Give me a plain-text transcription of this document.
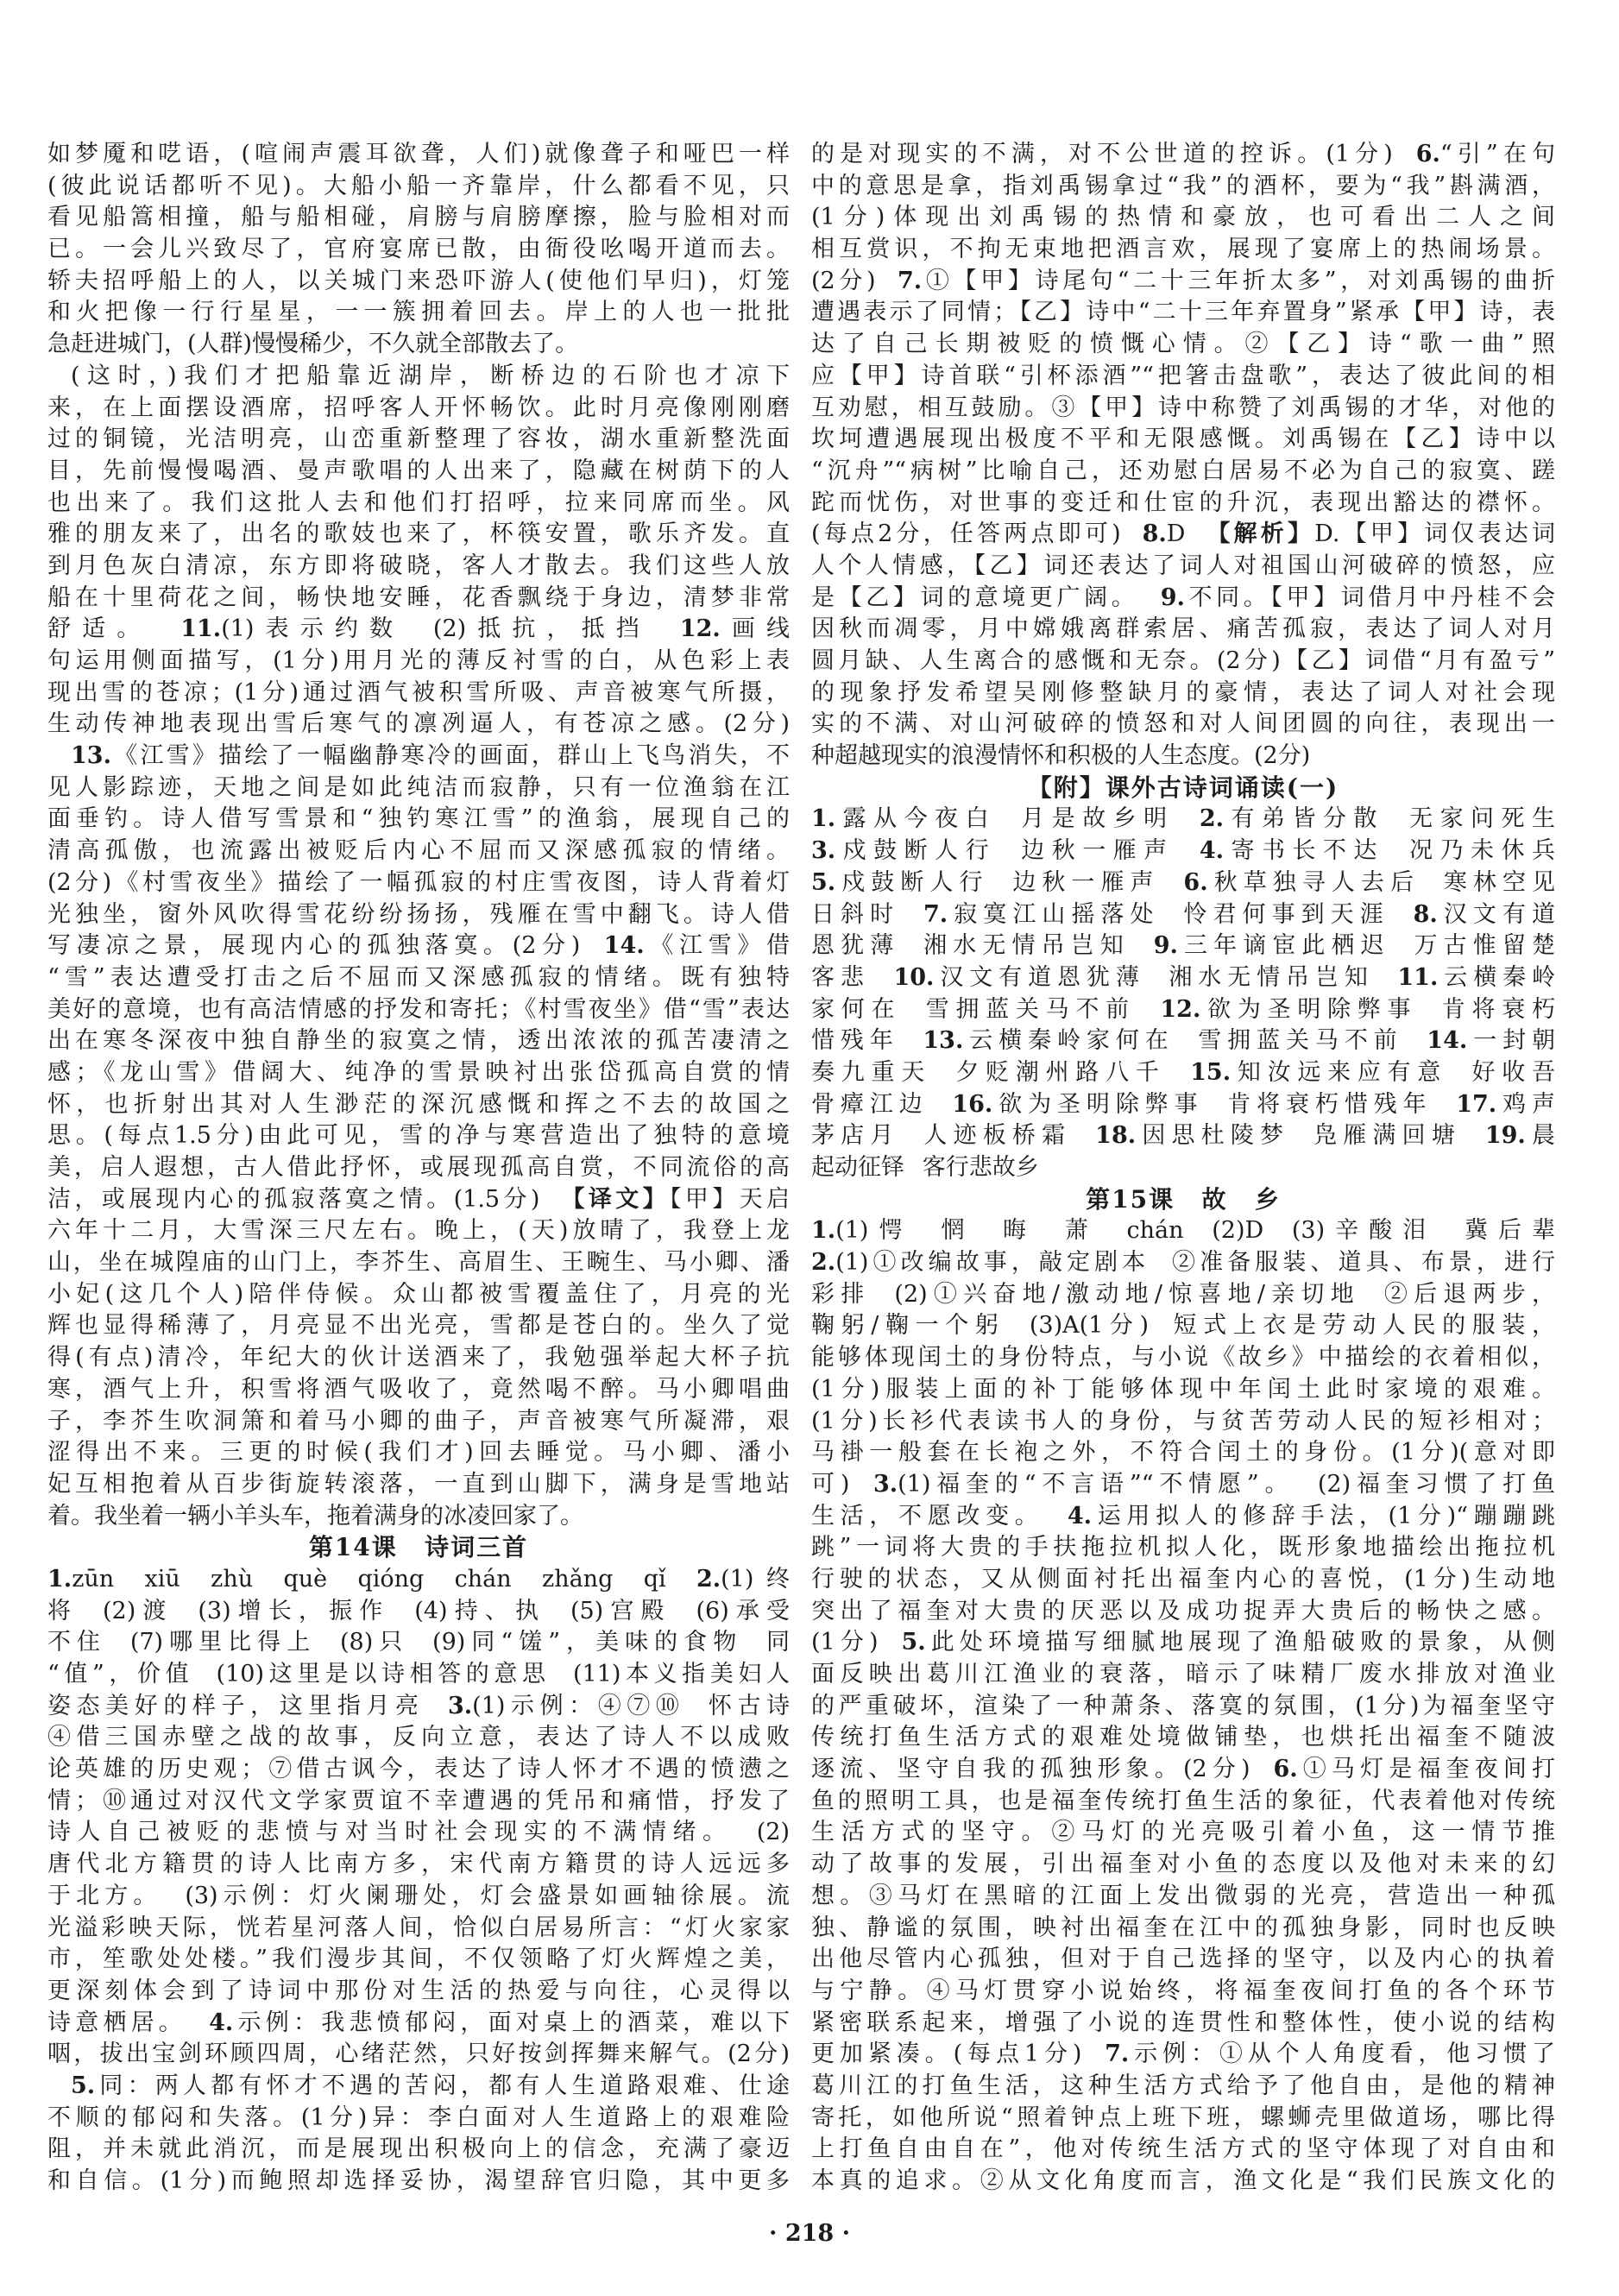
如梦魇和呓语，(喧闹声震耳欲聋，人们)就像聋子和哑巴一样
(彼此说话都听不见)。大船小船一齐靠岸，什么都看不见，只
看见船篙相撞，船与船相碰，肩膀与肩膀摩擦，脸与脸相对而
已。一会儿兴致尽了，官府宴席已散，由衙役吆喝开道而去。
轿夫招呼船上的人，以关城门来恐吓游人(使他们早归)，灯笼
和火把像一行行星星，一一簇拥着回去。岸上的人也一批批
急赶进城门，(人群)慢慢稀少，不久就全部散去了。
(这时，)我们才把船靠近湖岸，断桥边的石阶也才凉下
来，在上面摆设酒席，招呼客人开怀畅饮。此时月亮像刚刚磨
过的铜镜，光洁明亮，山峦重新整理了容妆，湖水重新整洗面
目，先前慢慢喝酒、曼声歌唱的人出来了，隐藏在树荫下的人
也出来了。我们这批人去和他们打招呼，拉来同席而坐。风
雅的朋友来了，出名的歌妓也来了，杯筷安置，歌乐齐发。直
到月色灰白清凉，东方即将破晓，客人才散去。我们这些人放
船在十里荷花之间，畅快地安睡，花香飘绕于身边，清梦非常
舒适。 11.(1)表示约数 (2)抵抗，抵挡 12.画线
句运用侧面描写，(1分)用月光的薄反衬雪的白，从色彩上表
现出雪的苍凉；(1分)通过酒气被积雪所吸、声音被寒气所摄，
生动传神地表现出雪后寒气的凛冽逼人，有苍凉之感。(2分)
13.《江雪》描绘了一幅幽静寒冷的画面，群山上飞鸟消失，不
见人影踪迹，天地之间是如此纯洁而寂静，只有一位渔翁在江
面垂钓。诗人借写雪景和“独钓寒江雪”的渔翁，展现自己的
清高孤傲，也流露出被贬后内心不屈而又深感孤寂的情绪。
(2分)《村雪夜坐》描绘了一幅孤寂的村庄雪夜图，诗人背着灯
光独坐，窗外风吹得雪花纷纷扬扬，残雁在雪中翻飞。诗人借
写凄凉之景，展现内心的孤独落寞。(2分) 14.《江雪》借
“雪”表达遭受打击之后不屈而又深感孤寂的情绪。既有独特
美好的意境，也有高洁情感的抒发和寄托；《村雪夜坐》借“雪”表达
出在寒冬深夜中独自静坐的寂寞之情，透出浓浓的孤苦凄清之
感；《龙山雪》借阔大、纯净的雪景映衬出张岱孤高自赏的情
怀，也折射出其对人生渺茫的深沉感慨和挥之不去的故国之
思。(每点1.5分)由此可见，雪的净与寒营造出了独特的意境
美，启人遐想，古人借此抒怀，或展现孤高自赏，不同流俗的高
洁，或展现内心的孤寂落寞之情。(1.5分) 【译文】【甲】天启
六年十二月，大雪深三尺左右。晚上，(天)放晴了，我登上龙
山，坐在城隍庙的山门上，李芥生、高眉生、王畹生、马小卿、潘
小妃(这几个人)陪伴侍候。众山都被雪覆盖住了，月亮的光
辉也显得稀薄了，月亮显不出光亮，雪都是苍白的。坐久了觉
得(有点)清冷，年纪大的伙计送酒来了，我勉强举起大杯子抗
寒，酒气上升，积雪将酒气吸收了，竟然喝不醉。马小卿唱曲
子，李芥生吹洞箫和着马小卿的曲子，声音被寒气所凝滞，艰
涩得出不来。三更的时候(我们才)回去睡觉。马小卿、潘小
妃互相抱着从百步街旋转滚落，一直到山脚下，满身是雪地站
着。我坐着一辆小羊头车，拖着满身的冰凌回家了。
第14课 诗词三首
1.zūn xiū zhù què qióng chán zhǎng qǐ 2.(1)终
将 (2)渡 (3)增长，振作 (4)持、执 (5)宫殿 (6)承受
不住 (7)哪里比得上 (8)只 (9)同“馐”，美味的食物 同
“值”，价值 (10)这里是以诗相答的意思 (11)本义指美妇人
姿态美好的样子，这里指月亮 3.(1)示例：④⑦⑩ 怀古诗
④借三国赤壁之战的故事，反向立意，表达了诗人不以成败
论英雄的历史观；⑦借古讽今，表达了诗人怀才不遇的愤懑之
情；⑩通过对汉代文学家贾谊不幸遭遇的凭吊和痛惜，抒发了
诗人自己被贬的悲愤与对当时社会现实的不满情绪。 (2)
唐代北方籍贯的诗人比南方多，宋代南方籍贯的诗人远远多
于北方。 (3)示例：灯火阑珊处，灯会盛景如画轴徐展。流
光溢彩映天际，恍若星河落人间，恰似白居易所言：“灯火家家
市，笙歌处处楼。”我们漫步其间，不仅领略了灯火辉煌之美，
更深刻体会到了诗词中那份对生活的热爱与向往，心灵得以
诗意栖居。 4.示例：我悲愤郁闷，面对桌上的酒菜，难以下
咽，拔出宝剑环顾四周，心绪茫然，只好按剑挥舞来解气。(2分)
5.同：两人都有怀才不遇的苦闷，都有人生道路艰难、仕途
不顺的郁闷和失落。(1分)异：李白面对人生道路上的艰难险
阻，并未就此消沉，而是展现出积极向上的信念，充满了豪迈
和自信。(1分)而鲍照却选择妥协，渴望辞官归隐，其中更多
的是对现实的不满，对不公世道的控诉。(1分) 6.“引”在句
中的意思是拿，指刘禹锡拿过“我”的酒杯，要为“我”斟满酒，
(1分)体现出刘禹锡的热情和豪放，也可看出二人之间
相互赏识，不拘无束地把酒言欢，展现了宴席上的热闹场景。
(2分) 7.①【甲】诗尾句“二十三年折太多”，对刘禹锡的曲折
遭遇表示了同情；【乙】诗中“二十三年弃置身”紧承【甲】诗，表
达了自己长期被贬的愤慨心情。②【乙】诗“歌一曲”照
应【甲】诗首联“引杯添酒”“把箸击盘歌”，表达了彼此间的相
互劝慰，相互鼓励。③【甲】诗中称赞了刘禹锡的才华，对他的
坎坷遭遇展现出极度不平和无限感慨。刘禹锡在【乙】诗中以
“沉舟”“病树”比喻自己，还劝慰白居易不必为自己的寂寞、蹉
跎而忧伤，对世事的变迁和仕宦的升沉，表现出豁达的襟怀。
(每点2分，任答两点即可) 8.D 【解析】D.【甲】词仅表达词
人个人情感，【乙】词还表达了词人对祖国山河破碎的愤怒，应
是【乙】词的意境更广阔。 9.不同。【甲】词借月中丹桂不会
因秋而凋零，月中嫦娥离群索居、痛苦孤寂，表达了词人对月
圆月缺、人生离合的感慨和无奈。(2分)【乙】词借“月有盈亏”
的现象抒发希望吴刚修整缺月的豪情，表达了词人对社会现
实的不满、对山河破碎的愤怒和对人间团圆的向往，表现出一
种超越现实的浪漫情怀和积极的人生态度。(2分)
【附】课外古诗词诵读(一)
1.露从今夜白 月是故乡明 2.有弟皆分散 无家问死生
3.戍鼓断人行 边秋一雁声 4.寄书长不达 况乃未休兵
5.戍鼓断人行 边秋一雁声 6.秋草独寻人去后 寒林空见
日斜时 7.寂寞江山摇落处 怜君何事到天涯 8.汉文有道
恩犹薄 湘水无情吊岂知 9.三年谪宦此栖迟 万古惟留楚
客悲 10.汉文有道恩犹薄 湘水无情吊岂知 11.云横秦岭
家何在 雪拥蓝关马不前 12.欲为圣明除弊事 肯将衰朽
惜残年 13.云横秦岭家何在 雪拥蓝关马不前 14.一封朝
奏九重天 夕贬潮州路八千 15.知汝远来应有意 好收吾
骨瘴江边 16.欲为圣明除弊事 肯将衰朽惜残年 17.鸡声
茅店月 人迹板桥霜 18.因思杜陵梦 凫雁满回塘 19.晨
起动征铎 客行悲故乡
第15课 故 乡
1.(1)愕 惘 晦 萧 chán (2)D (3)辛酸泪 冀后辈
2.(1)①改编故事，敲定剧本 ②准备服装、道具、布景，进行
彩排 (2)①兴奋地/激动地/惊喜地/亲切地 ②后退两步，
鞠躬/鞠一个躬 (3)A(1分) 短式上衣是劳动人民的服装，
能够体现闰土的身份特点，与小说《故乡》中描绘的衣着相似，
(1分)服装上面的补丁能够体现中年闰土此时家境的艰难。
(1分)长衫代表读书人的身份，与贫苦劳动人民的短衫相对；
马褂一般套在长袍之外，不符合闰土的身份。(1分)(意对即
可) 3.(1)福奎的“不言语”“不情愿”。 (2)福奎习惯了打鱼
生活，不愿改变。 4.运用拟人的修辞手法，(1分)“蹦蹦跳
跳”一词将大贵的手扶拖拉机拟人化，既形象地描绘出拖拉机
行驶的状态，又从侧面衬托出福奎内心的喜悦，(1分)生动地
突出了福奎对大贵的厌恶以及成功捉弄大贵后的畅快之感。
(1分) 5.此处环境描写细腻地展现了渔船破败的景象，从侧
面反映出葛川江渔业的衰落，暗示了味精厂废水排放对渔业
的严重破坏，渲染了一种萧条、落寞的氛围，(1分)为福奎坚守
传统打鱼生活方式的艰难处境做铺垫，也烘托出福奎不随波
逐流、坚守自我的孤独形象。(2分) 6.①马灯是福奎夜间打
鱼的照明工具，也是福奎传统打鱼生活的象征，代表着他对传统
生活方式的坚守。②马灯的光亮吸引着小鱼，这一情节推
动了故事的发展，引出福奎对小鱼的态度以及他对未来的幻
想。③马灯在黑暗的江面上发出微弱的光亮，营造出一种孤
独、静谧的氛围，映衬出福奎在江中的孤独身影，同时也反映
出他尽管内心孤独，但对于自己选择的坚守，以及内心的执着
与宁静。④马灯贯穿小说始终，将福奎夜间打鱼的各个环节
紧密联系起来，增强了小说的连贯性和整体性，使小说的结构
更加紧凑。(每点1分) 7.示例：①从个人角度看，他习惯了
葛川江的打鱼生活，这种生活方式给予了他自由，是他的精神
寄托，如他所说“照着钟点上班下班，螺蛳壳里做道场，哪比得
上打鱼自由自在”，他对传统生活方式的坚守体现了对自由和
本真的追求。②从文化角度而言，渔文化是“我们民族文化的
· 218 ·
